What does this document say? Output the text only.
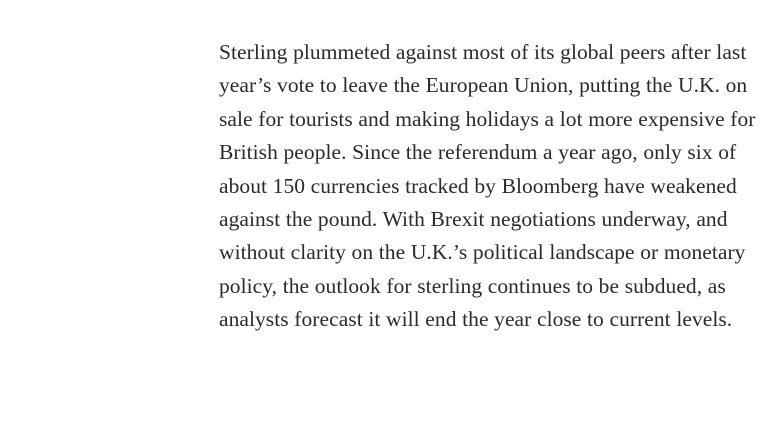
Sterling plummeted against most of its global peers after last year’s vote to leave the European Union, putting the U.K. on sale for tourists and making holidays a lot more expensive for British people. Since the referendum a year ago, only six of about 150 currencies tracked by Bloomberg have weakened against the pound. With Brexit negotiations underway, and without clarity on the U.K.’s political landscape or monetary policy, the outlook for sterling continues to be subdued, as analysts forecast it will end the year close to current levels.
